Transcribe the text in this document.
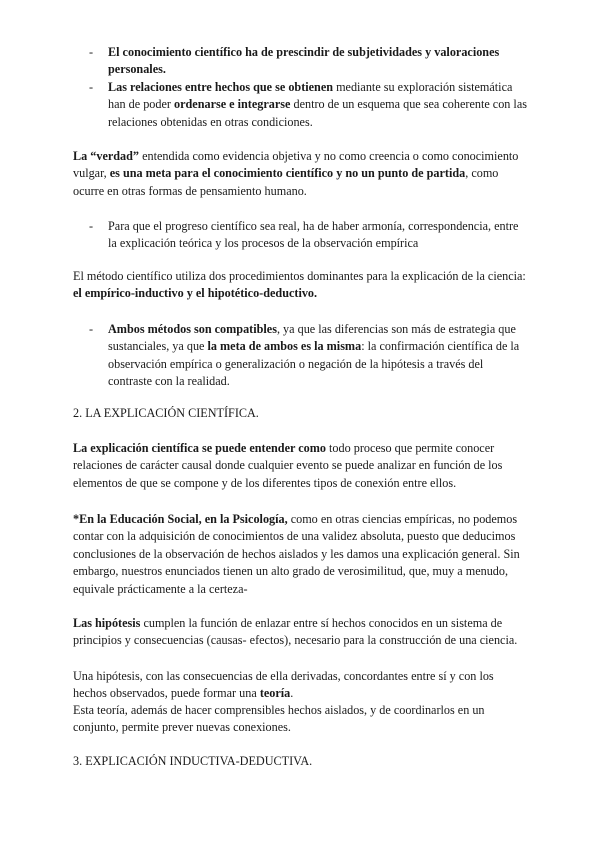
- El conocimiento científico ha de prescindir de subjetividades y valoraciones personales.

- Las relaciones entre hechos que se obtienen mediante su exploración sistemática han de poder ordenarse e integrarse dentro de un esquema que sea coherente con las relaciones obtenidas en otras condiciones.

La “verdad” entendida como evidencia objetiva y no como creencia o como conocimiento vulgar, es una meta para el conocimiento científico y no un punto de partida, como ocurre en otras formas de pensamiento humano.

- Para que el progreso científico sea real, ha de haber armonía, correspondencia, entre la explicación teórica y los procesos de la observación empírica

El método científico utiliza dos procedimientos dominantes para la explicación de la ciencia: el empírico-inductivo y el hipotético-deductivo.

- Ambos métodos son compatibles, ya que las diferencias son más de estrategia que sustanciales, ya que la meta de ambos es la misma: la confirmación científica de la observación empírica o generalización o negación de la hipótesis a través del contraste con la realidad.

2. LA EXPLICACIÓN CIENTÍFICA.

La explicación científica se puede entender como todo proceso que permite conocer relaciones de carácter causal donde cualquier evento se puede analizar en función de los elementos de que se compone y de los diferentes tipos de conexión entre ellos.

*En la Educación Social, en la Psicología, como en otras ciencias empíricas, no podemos contar con la adquisición de conocimientos de una validez absoluta, puesto que deducimos conclusiones de la observación de hechos aislados y les damos una explicación general. Sin embargo, nuestros enunciados tienen un alto grado de verosimilitud, que, muy a menudo, equivale prácticamente a la certeza-

Las hipótesis cumplen la función de enlazar entre sí hechos conocidos en un sistema de principios y consecuencias (causas- efectos), necesario para la construcción de una ciencia.

Una hipótesis, con las consecuencias de ella derivadas, concordantes entre sí y con los hechos observados, puede formar una teoría.

Esta teoría, además de hacer comprensibles hechos aislados, y de coordinarlos en un conjunto, permite prever nuevas conexiones.

3. EXPLICACIÓN INDUCTIVA-DEDUCTIVA.
